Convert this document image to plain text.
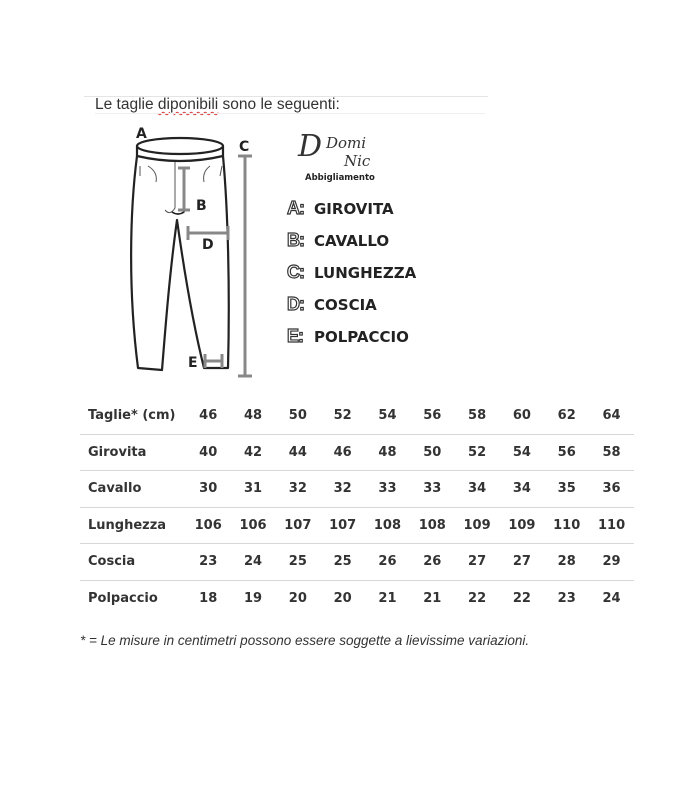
Le taglie diponibili sono le seguenti:
A
B
D
C
E
D Domi
Nic
Abbigliamento
A: GIROVITA
B: CAVALLO
C: LUNGHEZZA
D: COSCIA
E: POLPACCIO
Taglie* (cm)	46	48	50	52	54	56	58	60	62	64
Girovita	40	42	44	46	48	50	52	54	56	58
Cavallo	30	31	32	32	33	33	34	34	35	36
Lunghezza	106	106	107	107	108	108	109	109	110	110
Coscia	23	24	25	25	26	26	27	27	28	29
Polpaccio	18	19	20	20	21	21	22	22	23	24
* = Le misure in centimetri possono essere soggette a lievissime variazioni.
